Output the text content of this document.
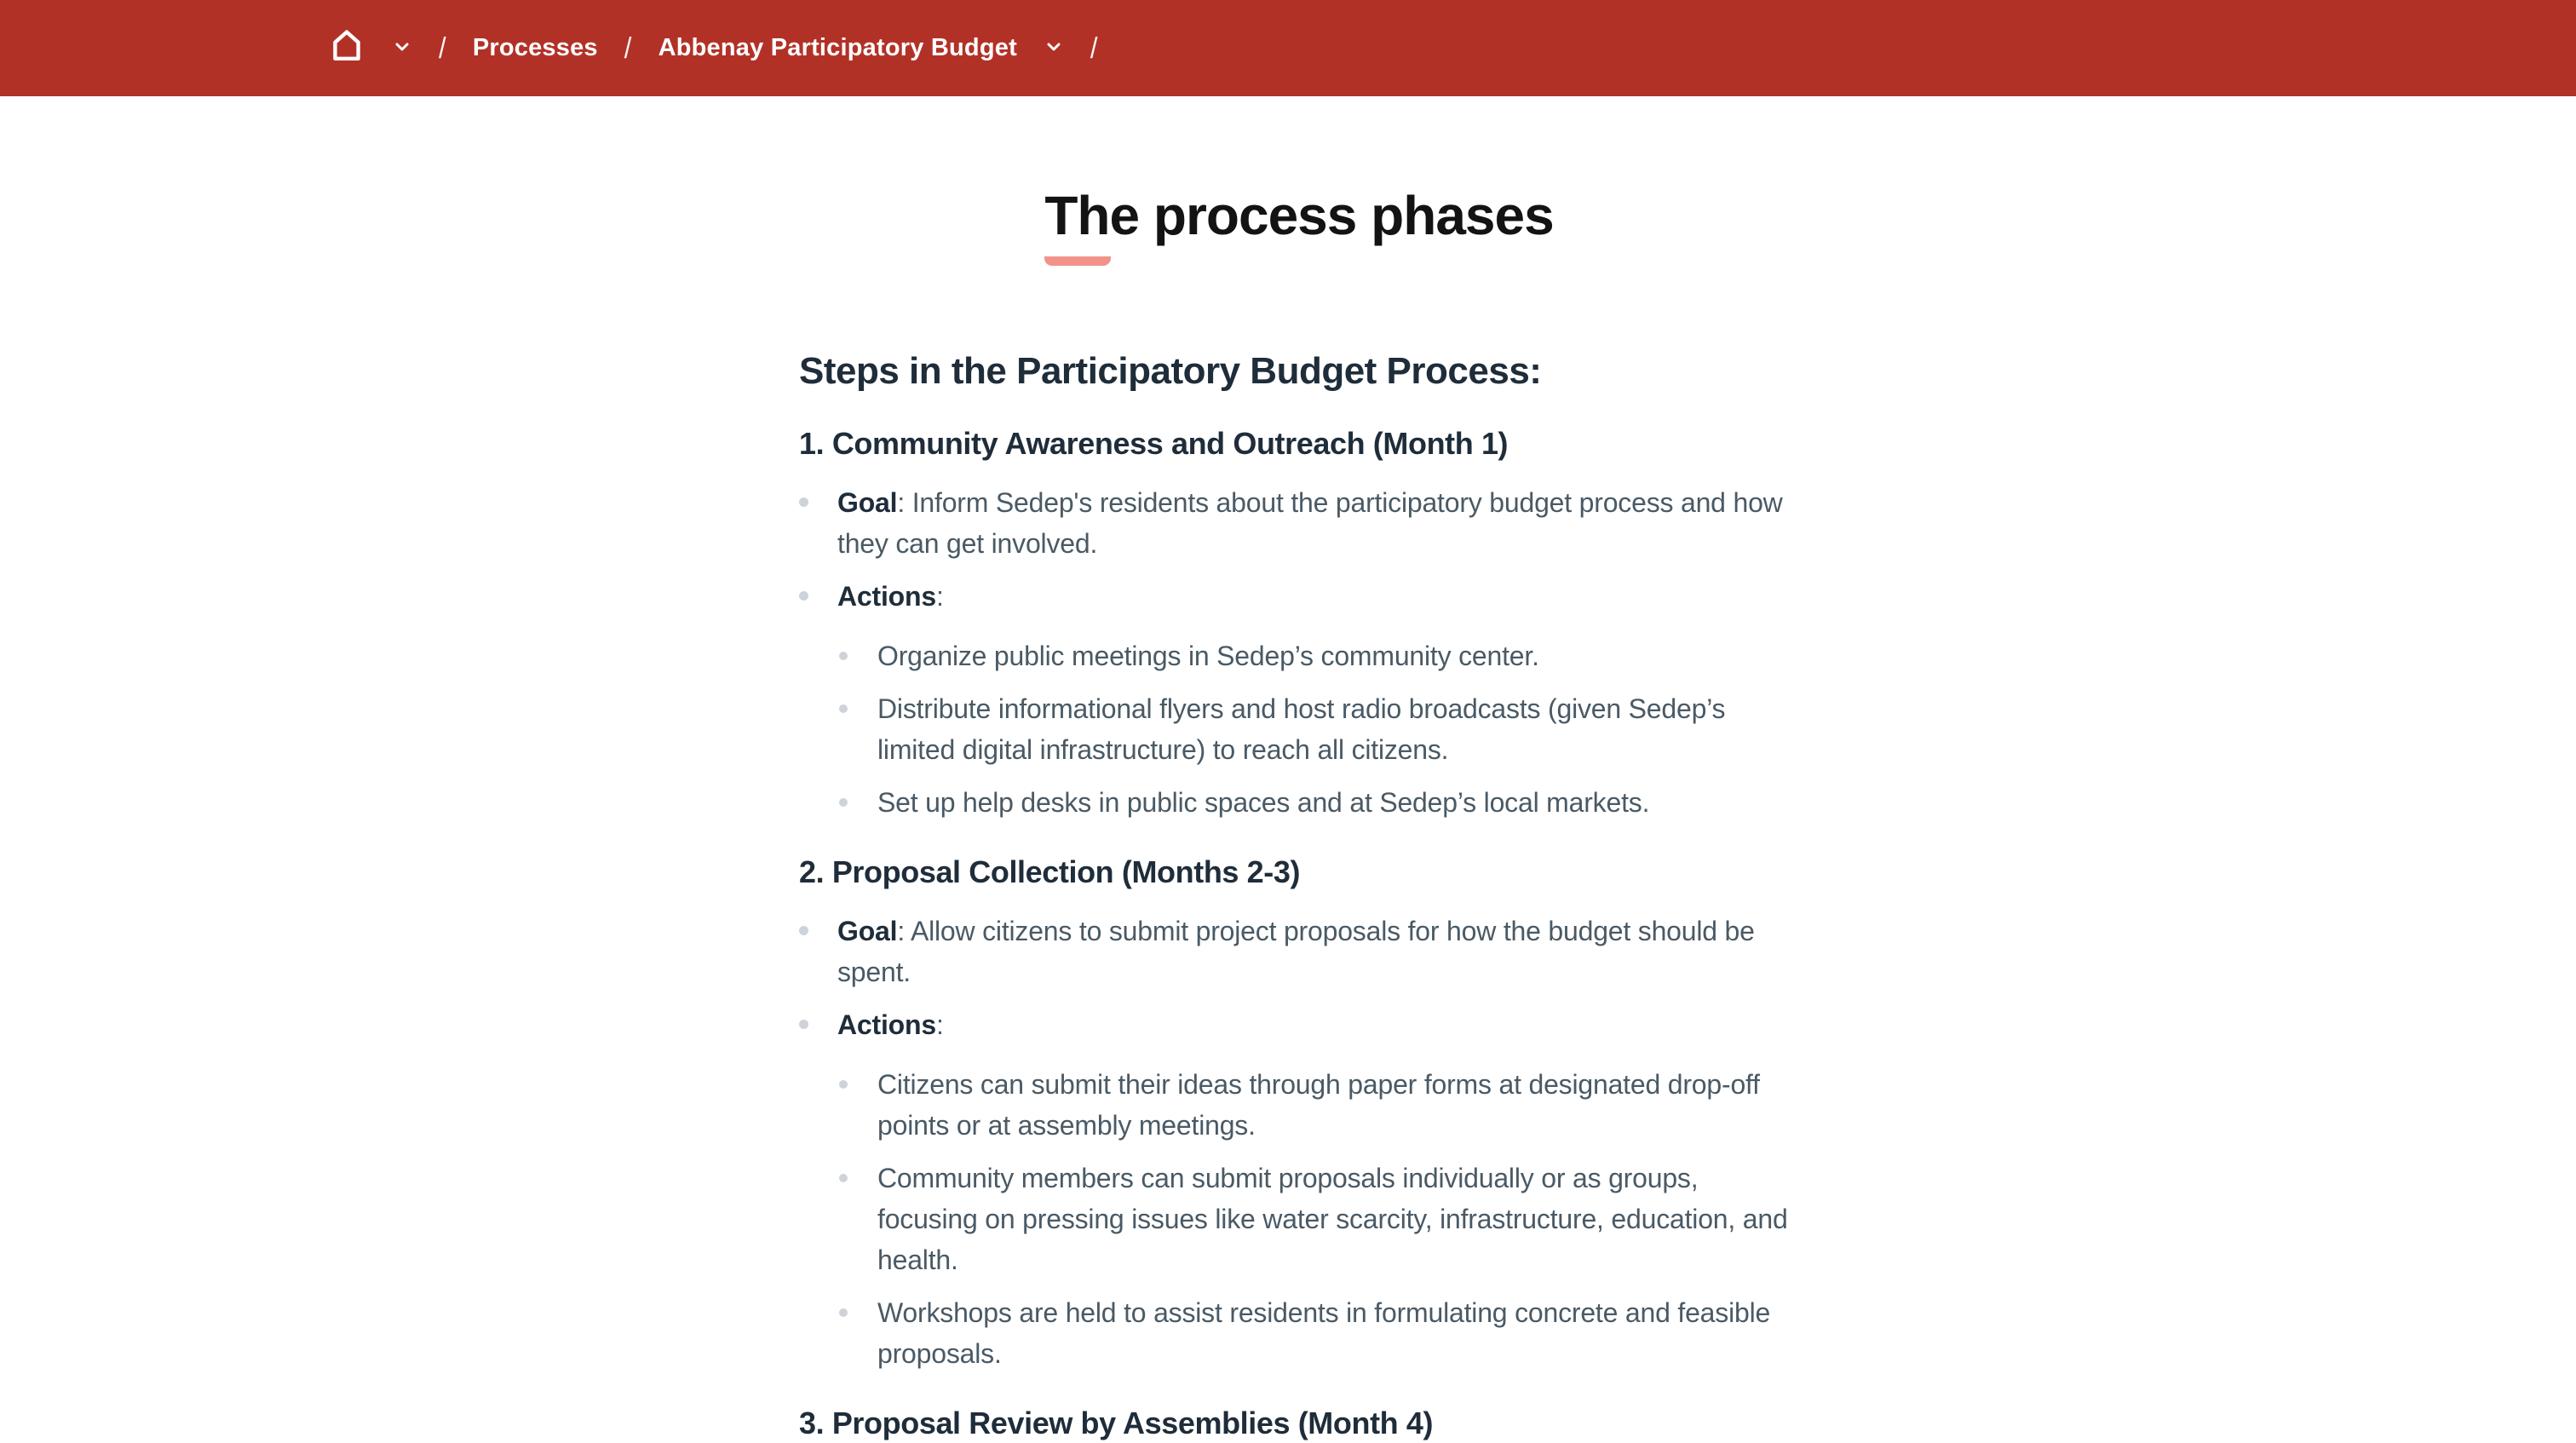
/ Processes / Abbenay Participatory Budget	/
The process phases
Steps in the Participatory Budget Process:
1. Community Awareness and Outreach (Month 1)
Goal: Inform Sedep's residents about the participatory budget process and how they can get involved.
Actions:
Organize public meetings in Sedep’s community center.
Distribute informational flyers and host radio broadcasts (given Sedep’s limited digital infrastructure) to reach all citizens.
Set up help desks in public spaces and at Sedep’s local markets.
2. Proposal Collection (Months 2-3)
Goal: Allow citizens to submit project proposals for how the budget should be spent.
Actions:
Citizens can submit their ideas through paper forms at designated drop-off points or at assembly meetings.
Community members can submit proposals individually or as groups, focusing on pressing issues like water scarcity, infrastructure, education, and health.
Workshops are held to assist residents in formulating concrete and feasible proposals.
3. Proposal Review by Assemblies (Month 4)
